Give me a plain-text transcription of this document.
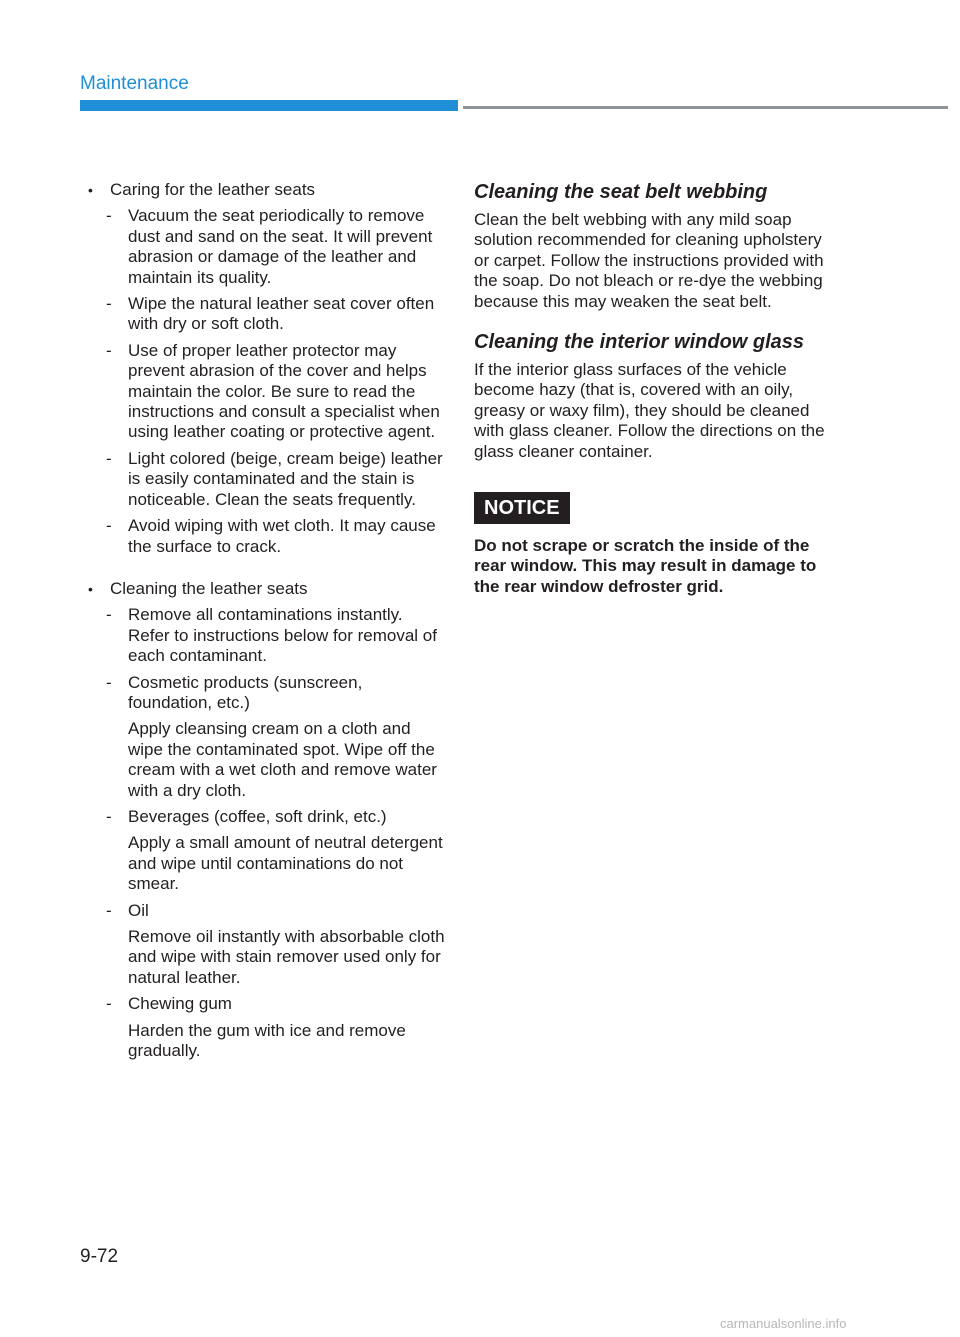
Maintenance
• Caring for the leather seats

- Vacuum the seat periodically to remove dust and sand on the seat. It will prevent abrasion or damage of the leather and maintain its quality.

- Wipe the natural leather seat cover often with dry or soft cloth.

- Use of proper leather protector may prevent abrasion of the cover and helps maintain the color. Be sure to read the instructions and consult a specialist when using leather coating or protective agent.

- Light colored (beige, cream beige) leather is easily contaminated and the stain is noticeable. Clean the seats frequently.

- Avoid wiping with wet cloth. It may cause the surface to crack.

• Cleaning the leather seats

- Remove all contaminations instantly. Refer to instructions below for removal of each contaminant.

- Cosmetic products (sunscreen, foundation, etc.)

Apply cleansing cream on a cloth and wipe the contaminated spot. Wipe off the cream with a wet cloth and remove water with a dry cloth.

- Beverages (coffee, soft drink, etc.)

Apply a small amount of neutral detergent and wipe until contaminations do not smear.

- Oil

Remove oil instantly with absorbable cloth and wipe with stain remover used only for natural leather.

- Chewing gum

Harden the gum with ice and remove gradually.

Cleaning the seat belt webbing

Clean the belt webbing with any mild soap solution recommended for cleaning upholstery or carpet. Follow the instructions provided with the soap. Do not bleach or re-dye the webbing because this may weaken the seat belt.

Cleaning the interior window glass

If the interior glass surfaces of the vehicle become hazy (that is, covered with an oily, greasy or waxy film), they should be cleaned with glass cleaner. Follow the directions on the glass cleaner container.

NOTICE

Do not scrape or scratch the inside of the rear window. This may result in damage to the rear window defroster grid.

9-72
carmanualsonline.info
